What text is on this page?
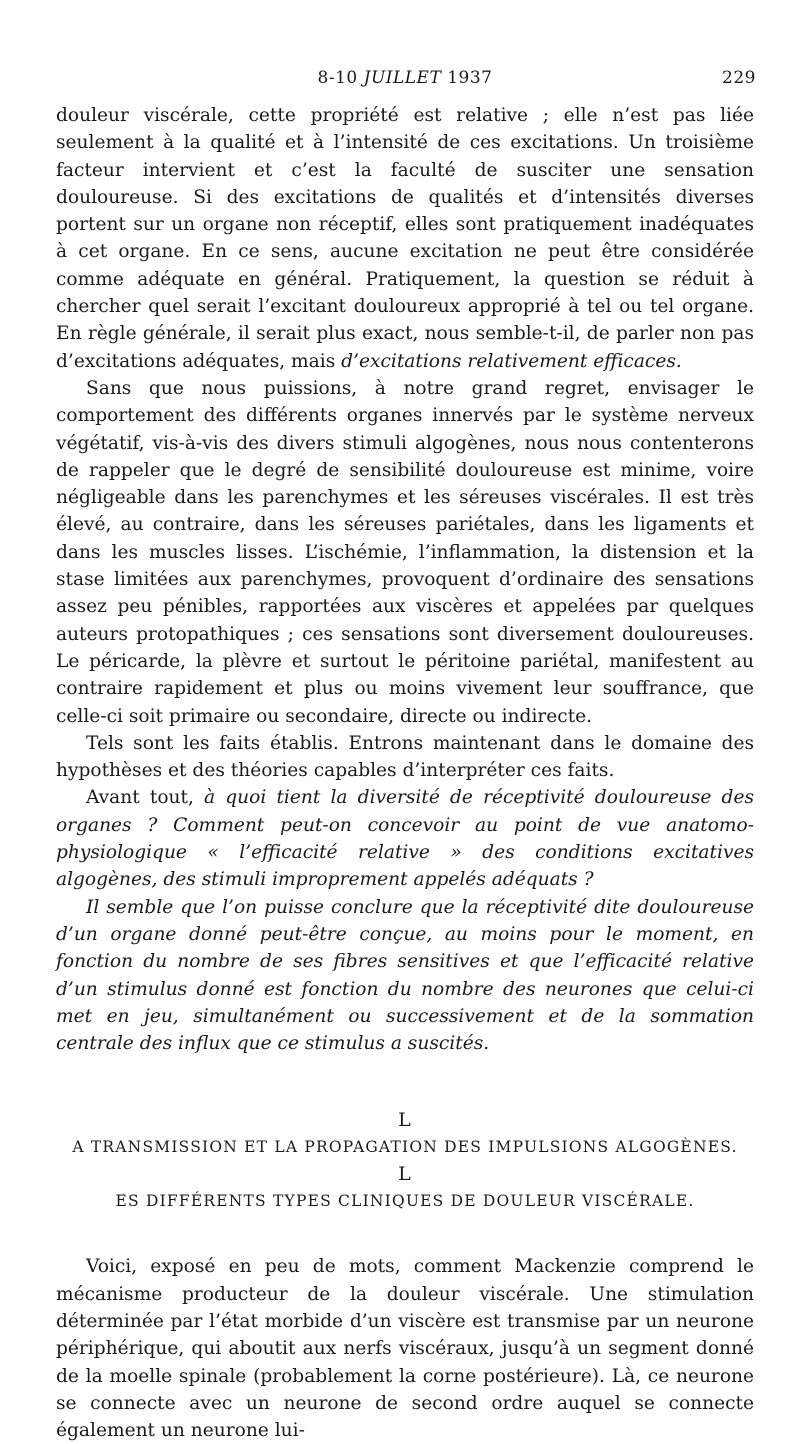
8-10 JUILLET 1937	229

douleur viscérale, cette propriété est relative ; elle n’est pas liée seulement à la qualité et à l’intensité de ces excitations. Un troisième facteur intervient et c’est la faculté de susciter une sensation douloureuse. Si des excitations de qualités et d’intensités diverses portent sur un organe non réceptif, elles sont pratiquement inadéquates à cet organe. En ce sens, aucune excitation ne peut être considérée comme adéquate en général. Pratiquement, la question se réduit à chercher quel serait l’excitant douloureux approprié à tel ou tel organe. En règle générale, il serait plus exact, nous semble-t-il, de parler non pas d’excitations adéquates, mais d’excitations relativement efficaces.

Sans que nous puissions, à notre grand regret, envisager le comportement des différents organes innervés par le système nerveux végétatif, vis-à-vis des divers stimuli algogènes, nous nous contenterons de rappeler que le degré de sensibilité douloureuse est minime, voire négligeable dans les parenchymes et les séreuses viscérales. Il est très élevé, au contraire, dans les séreuses pariétales, dans les ligaments et dans les muscles lisses. L’ischémie, l’inflammation, la distension et la stase limitées aux parenchymes, provoquent d’ordinaire des sensations assez peu pénibles, rapportées aux viscères et appelées par quelques auteurs protopathiques ; ces sensations sont diversement douloureuses. Le péricarde, la plèvre et surtout le péritoine pariétal, manifestent au contraire rapidement et plus ou moins vivement leur souffrance, que celle-ci soit primaire ou secondaire, directe ou indirecte.

Tels sont les faits établis. Entrons maintenant dans le domaine des hypothèses et des théories capables d’interpréter ces faits.

Avant tout, à quoi tient la diversité de réceptivité douloureuse des organes ? Comment peut-on concevoir au point de vue anatomo-physiologique « l’efficacité relative » des conditions excitatives algogènes, des stimuli improprement appelés adéquats ?

Il semble que l’on puisse conclure que la réceptivité dite douloureuse d’un organe donné peut-être conçue, au moins pour le moment, en fonction du nombre de ses fibres sensitives et que l’efficacité relative d’un stimulus donné est fonction du nombre des neurones que celui-ci met en jeu, simultanément ou successivement et de la sommation centrale des influx que ce stimulus a suscités.

L
A TRANSMISSION ET LA PROPAGATION DES IMPULSIONS ALGOGÈNES.
L
ES DIFFÉRENTS TYPES CLINIQUES DE DOULEUR VISCÉRALE.

Voici, exposé en peu de mots, comment Mackenzie comprend le mécanisme producteur de la douleur viscérale. Une stimulation déterminée par l’état morbide d’un viscère est transmise par un neurone périphérique, qui aboutit aux nerfs viscéraux, jusqu’à un segment donné de la moelle spinale (probablement la corne postérieure). Là, ce neurone se connecte avec un neurone de second ordre auquel se connecte également un neurone lui-
